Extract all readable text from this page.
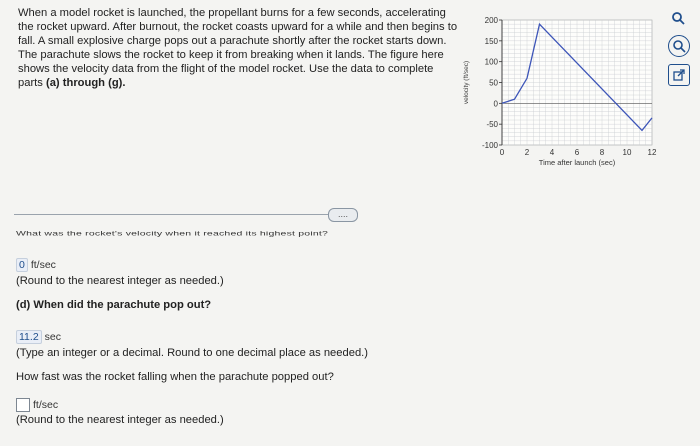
When a model rocket is launched, the propellant burns for a few seconds, accelerating the rocket upward. After burnout, the rocket coasts upward for a while and then begins to fall. A small explosive charge pops out a parachute shortly after the rocket starts down. The parachute slows the rocket to keep it from breaking when it lands. The figure here shows the velocity data from the flight of the model rocket. Use the data to complete parts (a) through (g).
200
150
100
50
0
-50
-100
0	2	4	6	8 10 12
Time after launch (sec)
velocity (ft/sec)
....
What was the rocket's velocity when it reached its highest point?
0 ft/sec
(Round to the nearest integer as needed.)
(d) When did the parachute pop out?
11.2 sec
(Type an integer or a decimal. Round to one decimal place as needed.)
How fast was the rocket falling when the parachute popped out?
ft/sec
(Round to the nearest integer as needed.)
